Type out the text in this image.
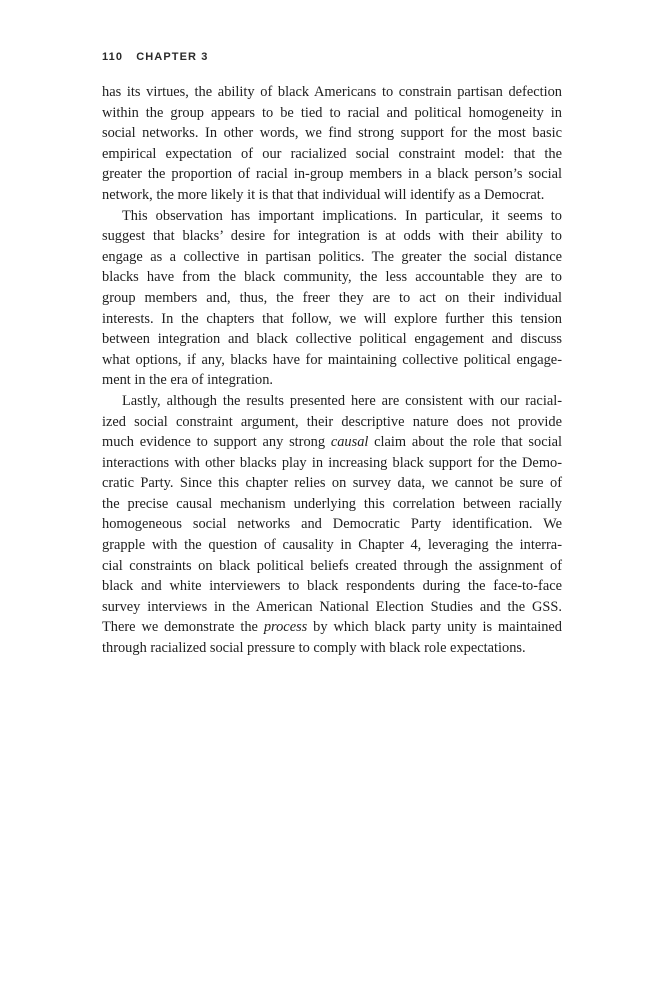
110 CHAPTER 3
has its virtues, the ability of black Americans to constrain partisan defection
within the group appears to be tied to racial and political homogeneity in
social networks. In other words, we find strong support for the most basic
empirical expectation of our racialized social constraint model: that the
greater the proportion of racial in-group members in a black person’s social
network, the more likely it is that that individual will identify as a Democrat.
This observation has important implications. In particular, it seems to
suggest that blacks’ desire for integration is at odds with their ability to
engage as a collective in partisan politics. The greater the social distance
blacks have from the black community, the less accountable they are to
group members and, thus, the freer they are to act on their individual
interests. In the chapters that follow, we will explore further this tension
between integration and black collective political engagement and discuss
what options, if any, blacks have for maintaining collective political engage-
ment in the era of integration.
Lastly, although the results presented here are consistent with our racial-
ized social constraint argument, their descriptive nature does not provide
much evidence to support any strong causal claim about the role that social
interactions with other blacks play in increasing black support for the Demo-
cratic Party. Since this chapter relies on survey data, we cannot be sure of
the precise causal mechanism underlying this correlation between racially
homogeneous social networks and Democratic Party identification. We
grapple with the question of causality in Chapter 4, leveraging the interra-
cial constraints on black political beliefs created through the assignment of
black and white interviewers to black respondents during the face-to-face
survey interviews in the American National Election Studies and the GSS.
There we demonstrate the process by which black party unity is maintained
through racialized social pressure to comply with black role expectations.
